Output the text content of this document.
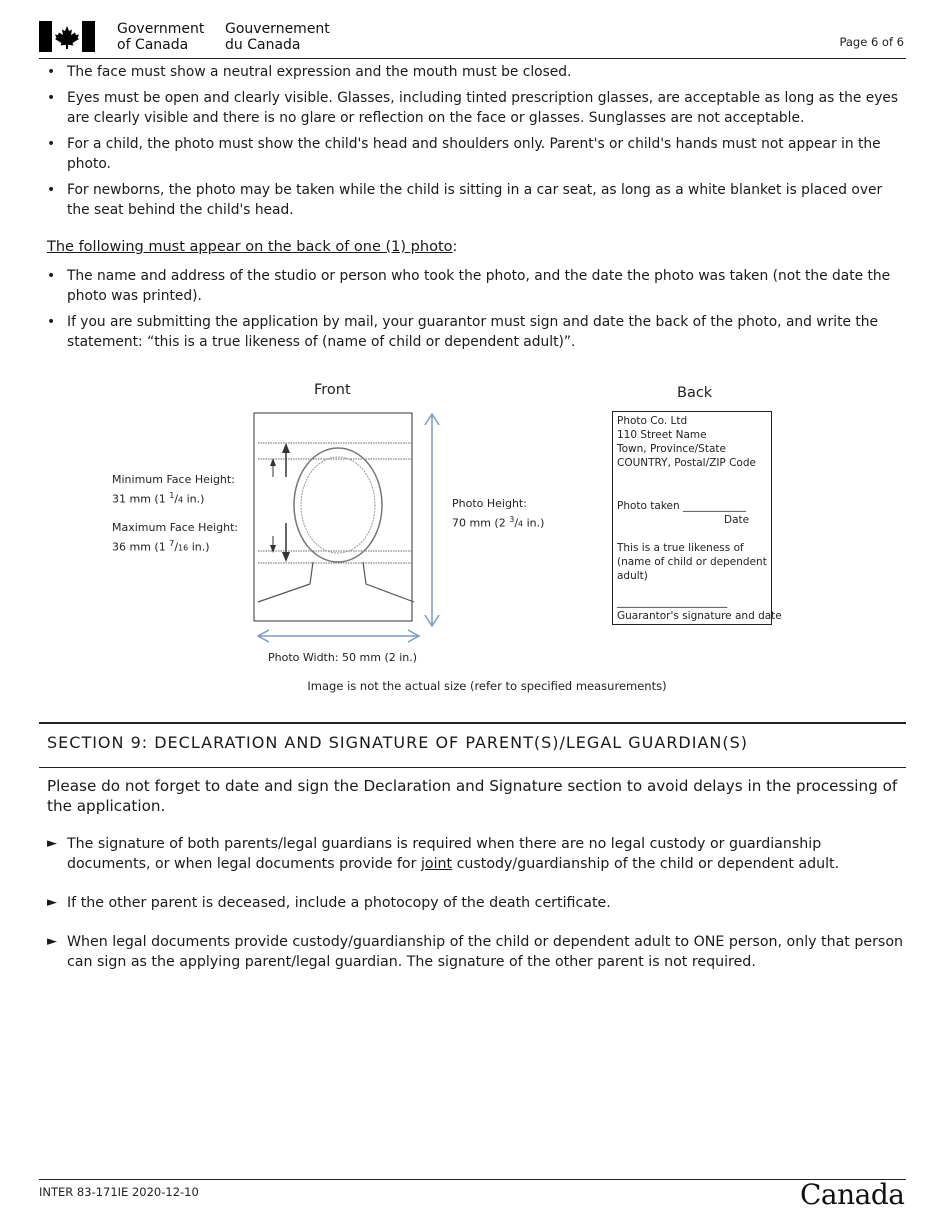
Government
of Canada
Gouvernement
du Canada	Page 6 of 6
• The face must show a neutral expression and the mouth must be closed.
• Eyes must be open and clearly visible. Glasses, including tinted prescription glasses, are acceptable as long as the eyes are clearly visible and there is no glare or reflection on the face or glasses. Sunglasses are not acceptable.
• For a child, the photo must show the child's head and shoulders only. Parent's or child's hands must not appear in the photo.
• For newborns, the photo may be taken while the child is sitting in a car seat, as long as a white blanket is placed over the seat behind the child's head.
The following must appear on the back of one (1) photo:
• The name and address of the studio or person who took the photo, and the date the photo was taken (not the date the photo was printed).
• If you are submitting the application by mail, your guarantor must sign and date the back of the photo, and write the statement: “this is a true likeness of (name of child or dependent adult)”.
Front	Back
Minimum Face Height:
31 mm (1 $^1$/4 in.)
Maximum Face Height:
36 mm (1 $^7$/16 in.)
Photo Height:
70 mm (2 $^3$/4 in.)
Photo Width: 50 mm (2 in.)
Photo Co. Ltd
110 Street Name
Town, Province/State
COUNTRY, Postal/ZIP Code
Photo taken ____________
Date
This is a true likeness of
(name of child or dependent
adult)
_____________________
Guarantor's signature and date
Image is not the actual size (refer to specified measurements)
SECTION 9: DECLARATION AND SIGNATURE OF PARENT(S)/LEGAL GUARDIAN(S)
Please do not forget to date and sign the Declaration and Signature section to avoid delays in the processing of the application.
► The signature of both parents/legal guardians is required when there are no legal custody or guardianship documents, or when legal documents provide for joint custody/guardianship of the child or dependent adult.
► If the other parent is deceased, include a photocopy of the death certificate.
► When legal documents provide custody/guardianship of the child or dependent adult to ONE person, only that person can sign as the applying parent/legal guardian. The signature of the other parent is not required.
INTER 83-171IE 2020-12-10	Canada
